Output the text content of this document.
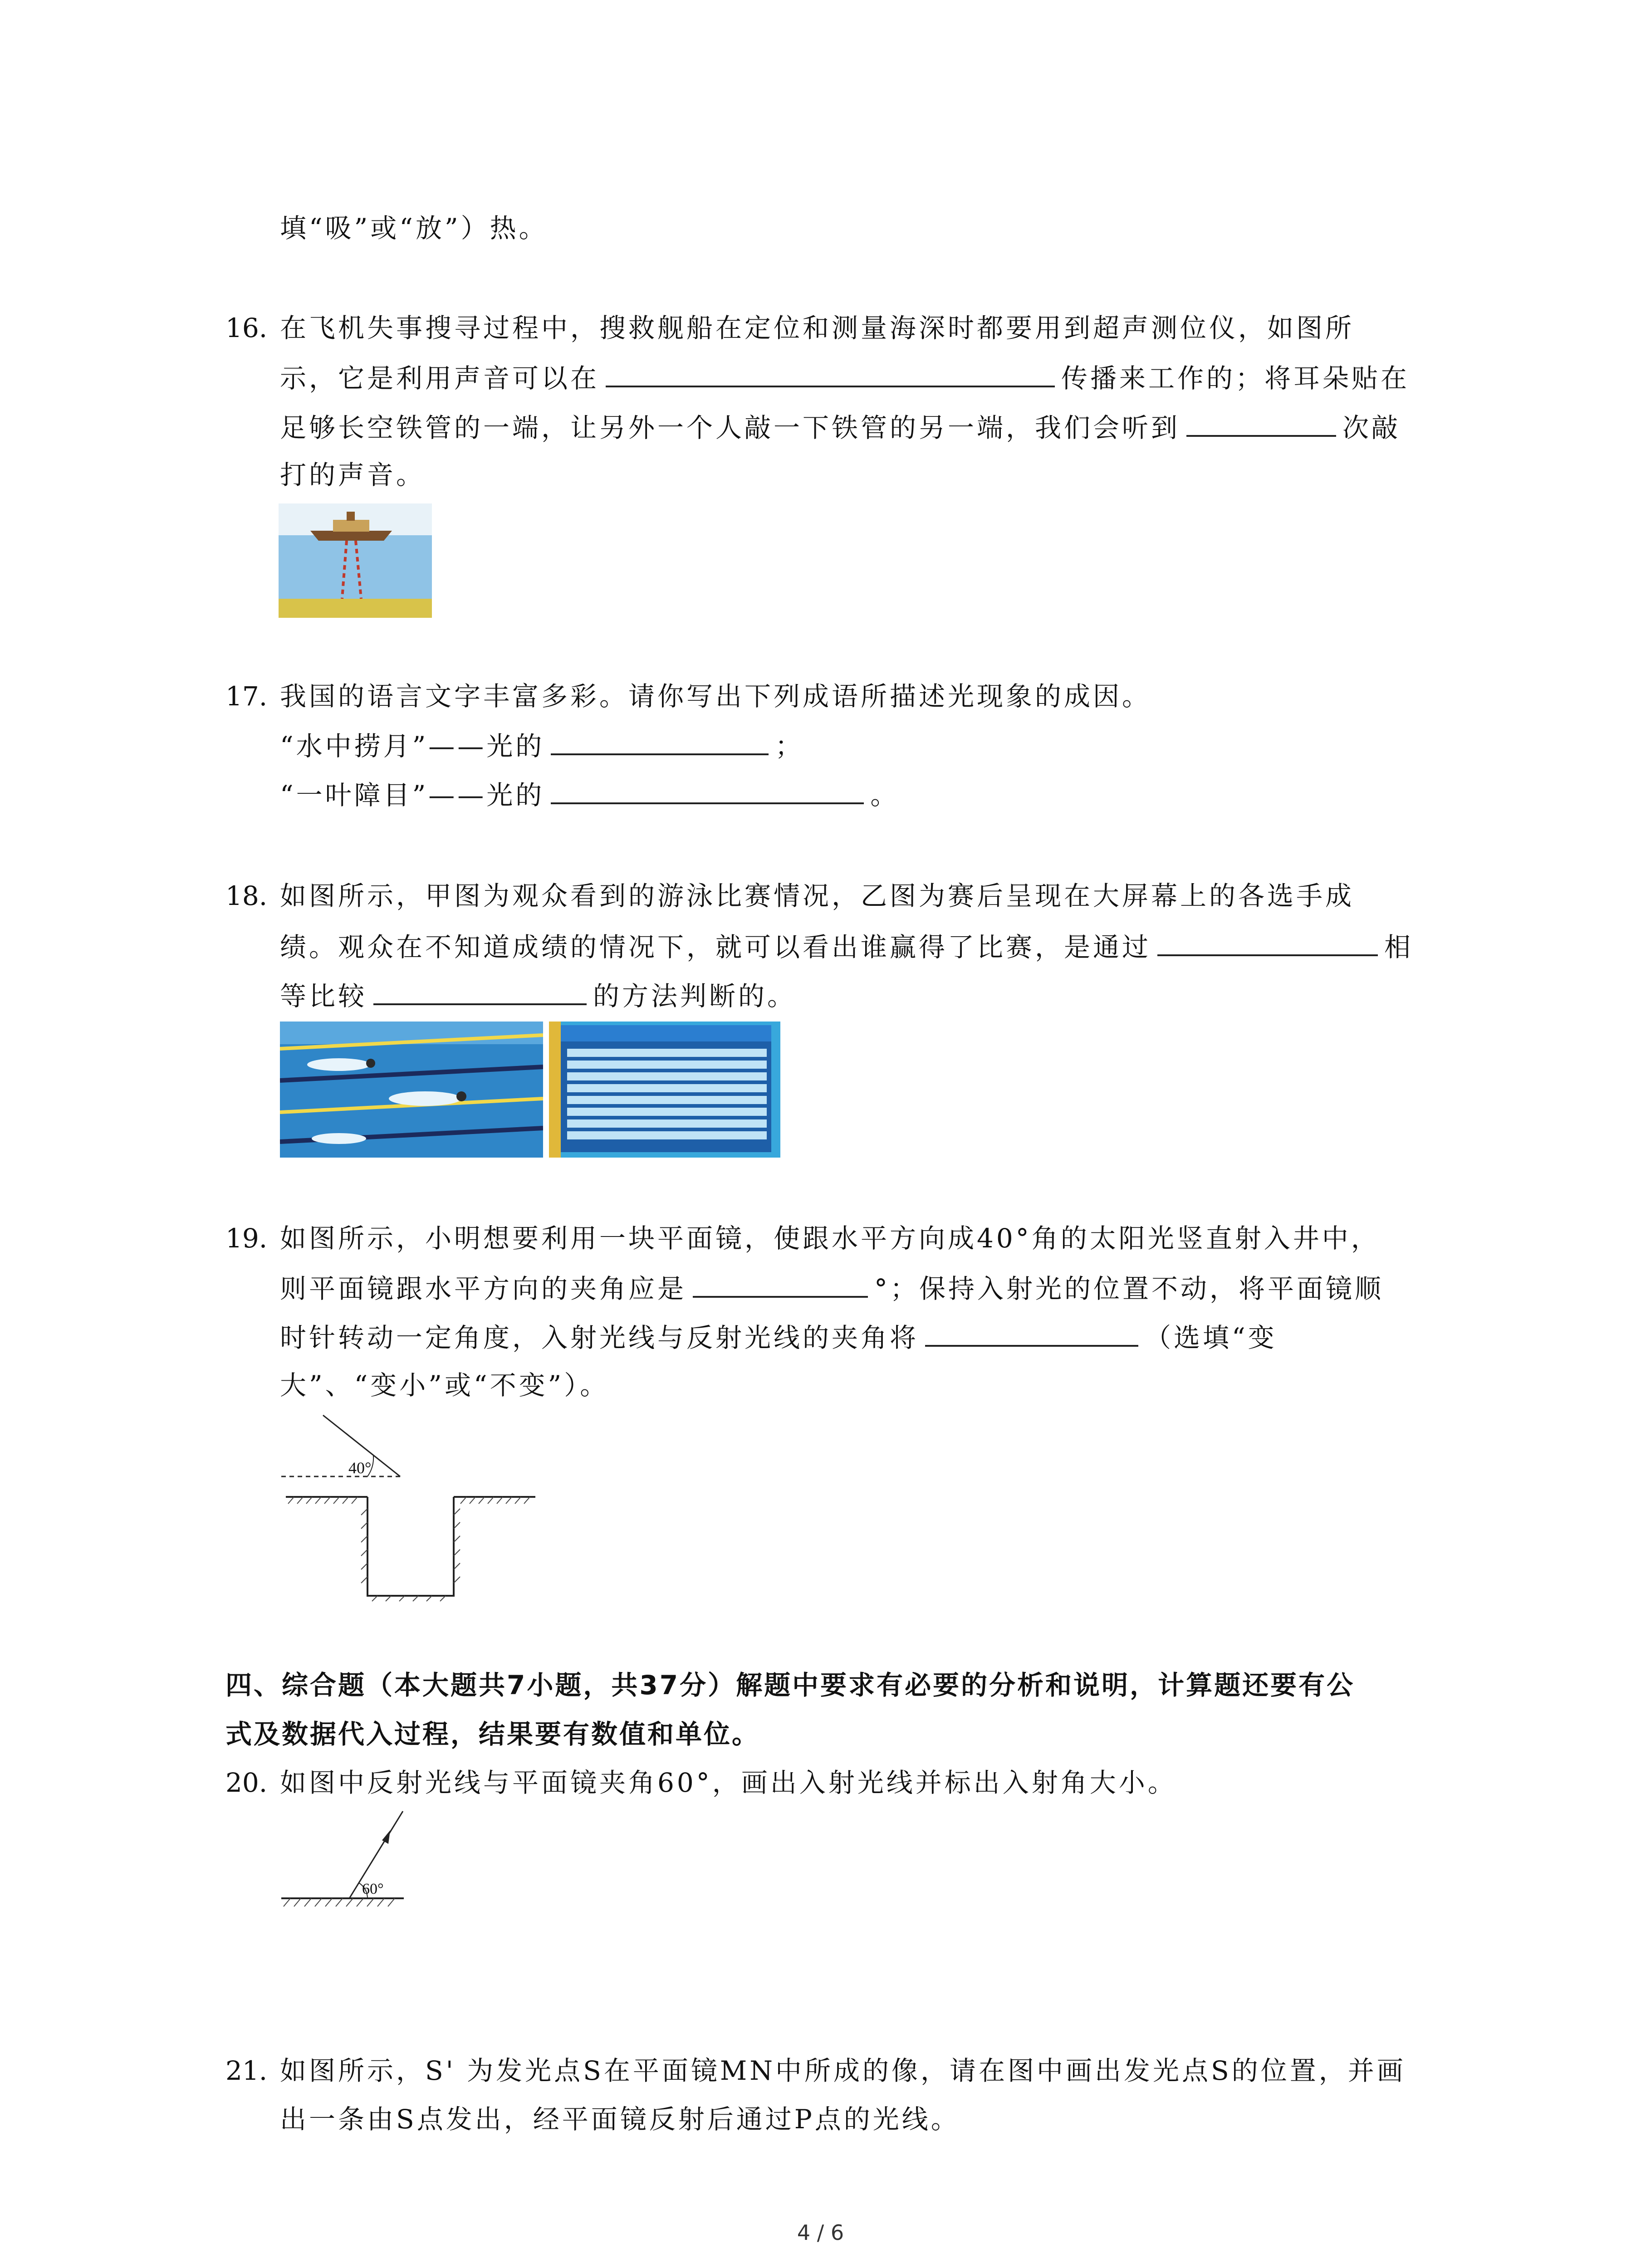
填“吸”或“放”）热。
16. 在飞机失事搜寻过程中，搜救舰船在定位和测量海深时都要用到超声测位仪，如图所
示，它是利用声音可以在	传播来工作的；将耳朵贴在
足够长空铁管的一端，让另外一个人敲一下铁管的另一端，我们会听到	次敲
打的声音。
17. 我国的语言文字丰富多彩。请你写出下列成语所描述光现象的成因。
“水中捞月”——光的	；
“一叶障目”——光的	。
18. 如图所示，甲图为观众看到的游泳比赛情况，乙图为赛后呈现在大屏幕上的各选手成
绩。观众在不知道成绩的情况下，就可以看出谁赢得了比赛，是通过	相
等比较	的方法判断的。
19. 如图所示，小明想要利用一块平面镜，使跟水平方向成40°角的太阳光竖直射入井中，
则平面镜跟水平方向的夹角应是	°；保持入射光的位置不动，将平面镜顺
时针转动一定角度，入射光线与反射光线的夹角将	（选填“变
大”、“变小”或“不变”）。
40°
四、综合题（本大题共7小题，共37分）解题中要求有必要的分析和说明，计算题还要有公
式及数据代入过程，结果要有数值和单位。
20. 如图中反射光线与平面镜夹角60°，画出入射光线并标出入射角大小。
60°
21. 如图所示，S' 为发光点S在平面镜MN中所成的像，请在图中画出发光点S的位置，并画
出一条由S点发出，经平面镜反射后通过P点的光线。
4 / 6
